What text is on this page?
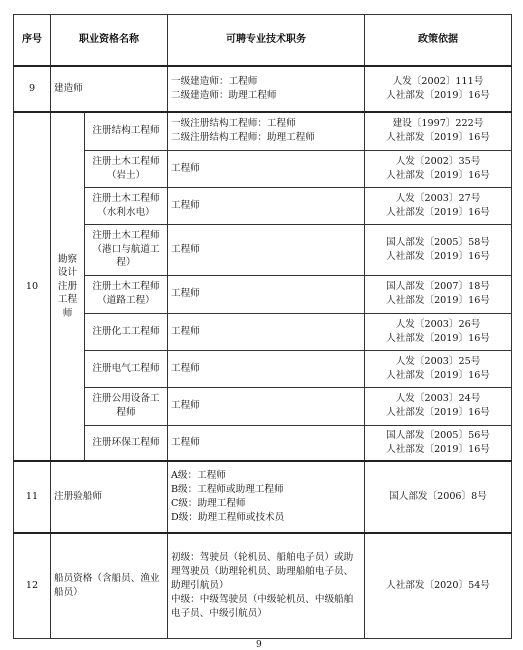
序号	职业资格名称		可聘专业技术职务	政策依据
9	建造师		一级建造师：工程师
二级建造师：助理工程师	人发〔2002〕111号
人社部发〔2019〕16号

10	勘察设计注册工程师	注册结构工程师	一级注册结构工程师：工程师
二级注册结构工程师：助理工程师	建设〔1997〕222号
人社部发〔2019〕16号

		注册土木工程师（岩土）	工程师	人发〔2002〕35号
人社部发〔2019〕16号

		注册土木工程师（水利水电）	工程师	人发〔2003〕27号
人社部发〔2019〕16号

		注册土木工程师（港口与航道工程）	工程师	国人部发〔2005〕58号
人社部发〔2019〕16号

		注册土木工程师（道路工程）	工程师	国人部发〔2007〕18号
人社部发〔2019〕16号

		注册化工工程师	工程师	人发〔2003〕26号
人社部发〔2019〕16号

		注册电气工程师	工程师	人发〔2003〕25号
人社部发〔2019〕16号

		注册公用设备工程师	工程师	人发〔2003〕24号
人社部发〔2019〕16号

		注册环保工程师	工程师	国人部发〔2005〕56号
人社部发〔2019〕16号

11	注册验船师		A级：工程师
B级：工程师或助理工程师
C级：助理工程师
D级：助理工程师或技术员	国人部发〔2006〕8号

12	船员资格（含船员、渔业船员）		初级：驾驶员（轮机员、船舶电子员）或助理驾驶员（助理轮机员、助理船舶电子员、助理引航员）
中级：中级驾驶员（中级轮机员、中级船舶电子员、中级引航员）	人社部发〔2020〕54号
9
